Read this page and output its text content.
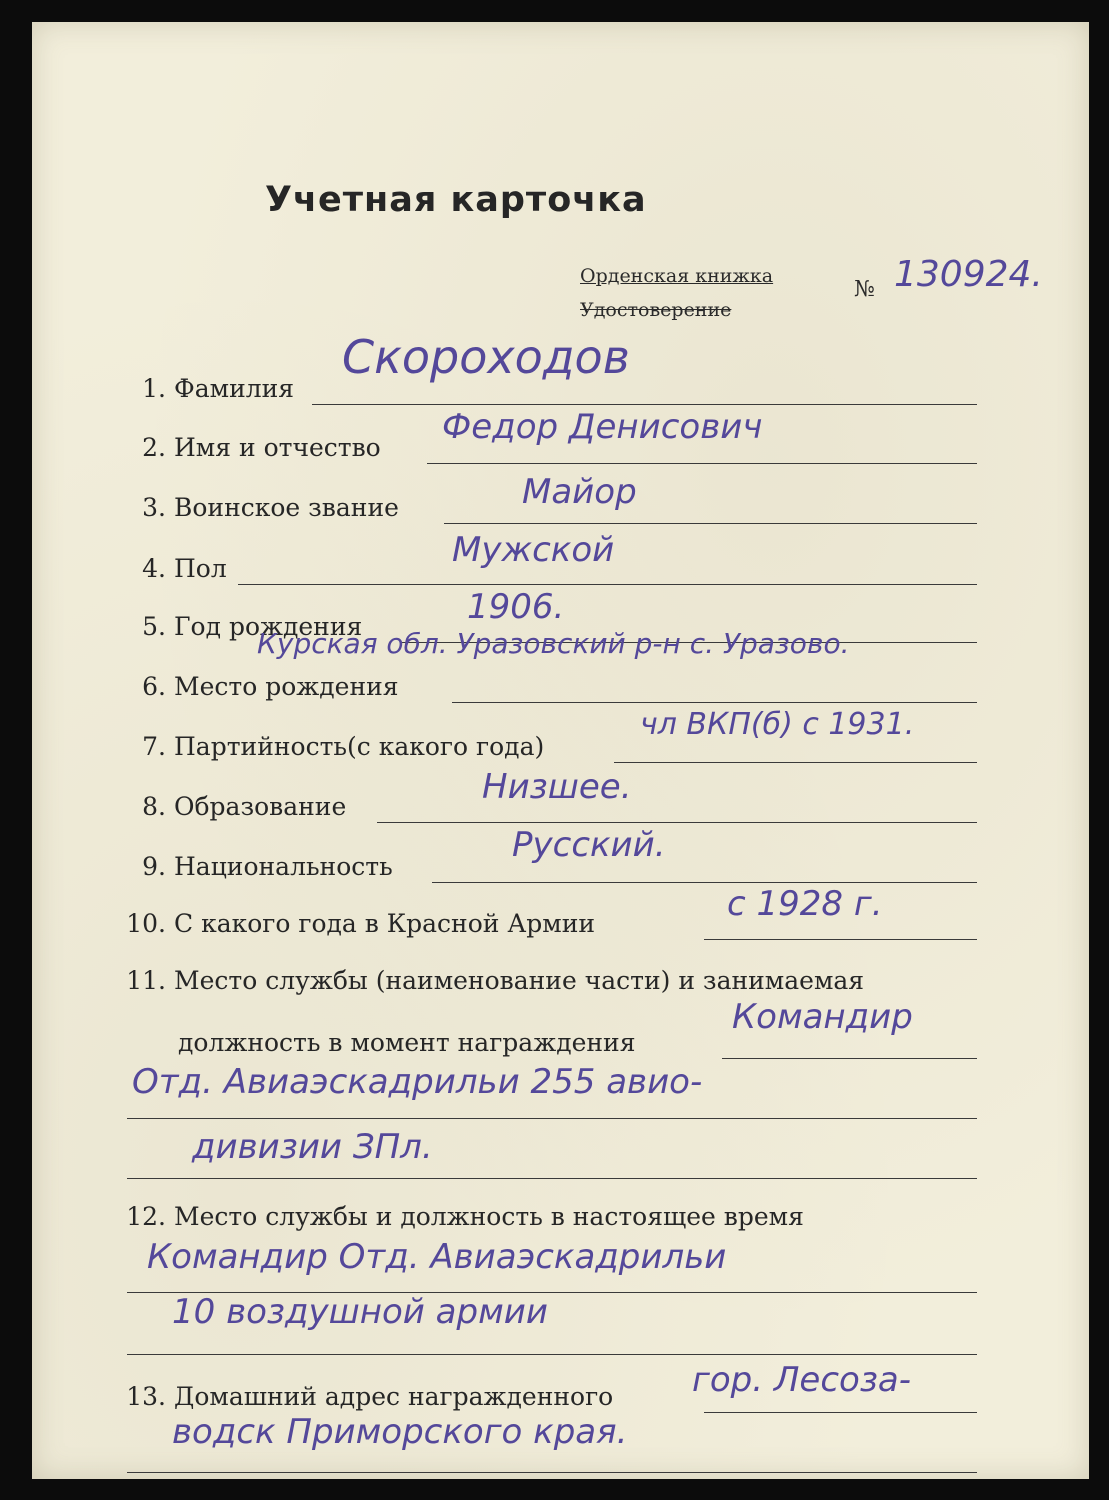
Учетная карточка
Орденская книжка
Удостоверение
№ 130924.
1. Фамилия
Скороходов
2. Имя и отчество
Федор Денисович
3. Воинское звание	Майор
4. Пол	Мужской
5. Год рождения	1906.
6. Место рождения
Курская обл. Уразовский р-н с. Уразово.
7. Партийность(с какого года)
чл ВКП(б) с 1931.
8. Образование	Низшее.
9. Национальность
Русский.
10. С какого года в Красной Армии	с 1928 г.
11. Место службы (наименование части) и занимаемая
должность в момент награждения
Командир
Отд. Авиаэскадрильи 255 авио-
дивизии ЗПл.
12. Место службы и должность в настоящее время
Командир Отд. Авиаэскадрильи
10 воздушной армии
13. Домашний адрес награжденного гор. Лесоза-
водск Приморского края.
